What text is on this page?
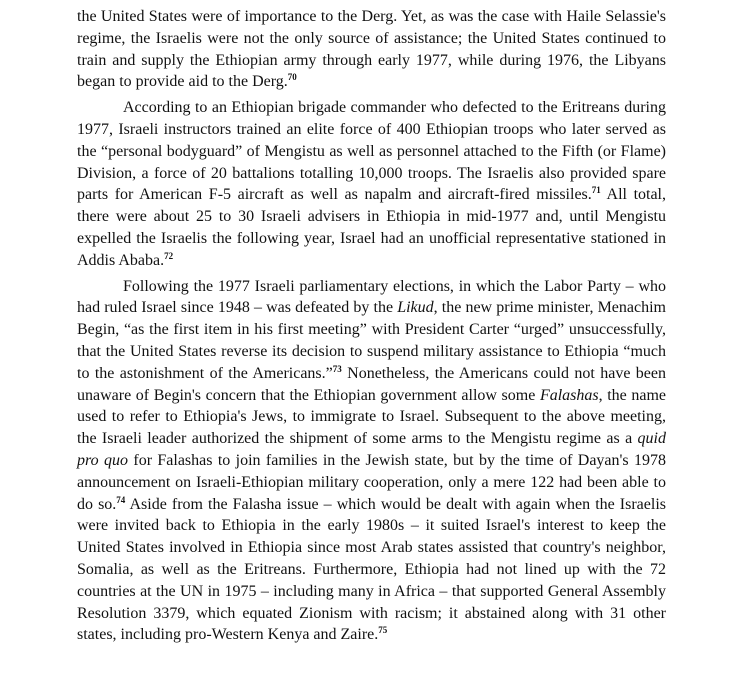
the United States were of importance to the Derg. Yet, as was the case with Haile Selassie's regime, the Israelis were not the only source of assistance; the United States continued to train and supply the Ethiopian army through early 1977, while during 1976, the Libyans began to provide aid to the Derg.$^{70}$

According to an Ethiopian brigade commander who defected to the Eritreans during 1977, Israeli instructors trained an elite force of 400 Ethiopian troops who later served as the “personal bodyguard” of Mengistu as well as personnel attached to the Fifth (or Flame) Division, a force of 20 battalions totalling 10,000 troops. The Israelis also provided spare parts for American F-5 aircraft as well as napalm and aircraft-fired missiles.$^{71}$ All total, there were about 25 to 30 Israeli advisers in Ethiopia in mid-1977 and, until Mengistu expelled the Israelis the following year, Israel had an unofficial representative stationed in Addis Ababa.$^{72}$

Following the 1977 Israeli parliamentary elections, in which the Labor Party – who had ruled Israel since 1948 – was defeated by the Likud, the new prime minister, Menachim Begin, “as the first item in his first meeting” with President Carter “urged” unsuccessfully, that the United States reverse its decision to suspend military assistance to Ethiopia “much to the astonishment of the Americans.”$^{73}$ Nonetheless, the Americans could not have been unaware of Begin's concern that the Ethiopian government allow some Falashas, the name used to refer to Ethiopia's Jews, to immigrate to Israel. Subsequent to the above meeting, the Israeli leader authorized the shipment of some arms to the Mengistu regime as a quid pro quo for Falashas to join families in the Jewish state, but by the time of Dayan's 1978 announcement on Israeli-Ethiopian military cooperation, only a mere 122 had been able to do so.$^{74}$ Aside from the Falasha issue – which would be dealt with again when the Israelis were invited back to Ethiopia in the early 1980s – it suited Israel's interest to keep the United States involved in Ethiopia since most Arab states assisted that country's neighbor, Somalia, as well as the Eritreans. Furthermore, Ethiopia had not lined up with the 72 countries at the UN in 1975 – including many in Africa – that supported General Assembly Resolution 3379, which equated Zionism with racism; it abstained along with 31 other states, including pro-Western Kenya and Zaire.$^{75}$
